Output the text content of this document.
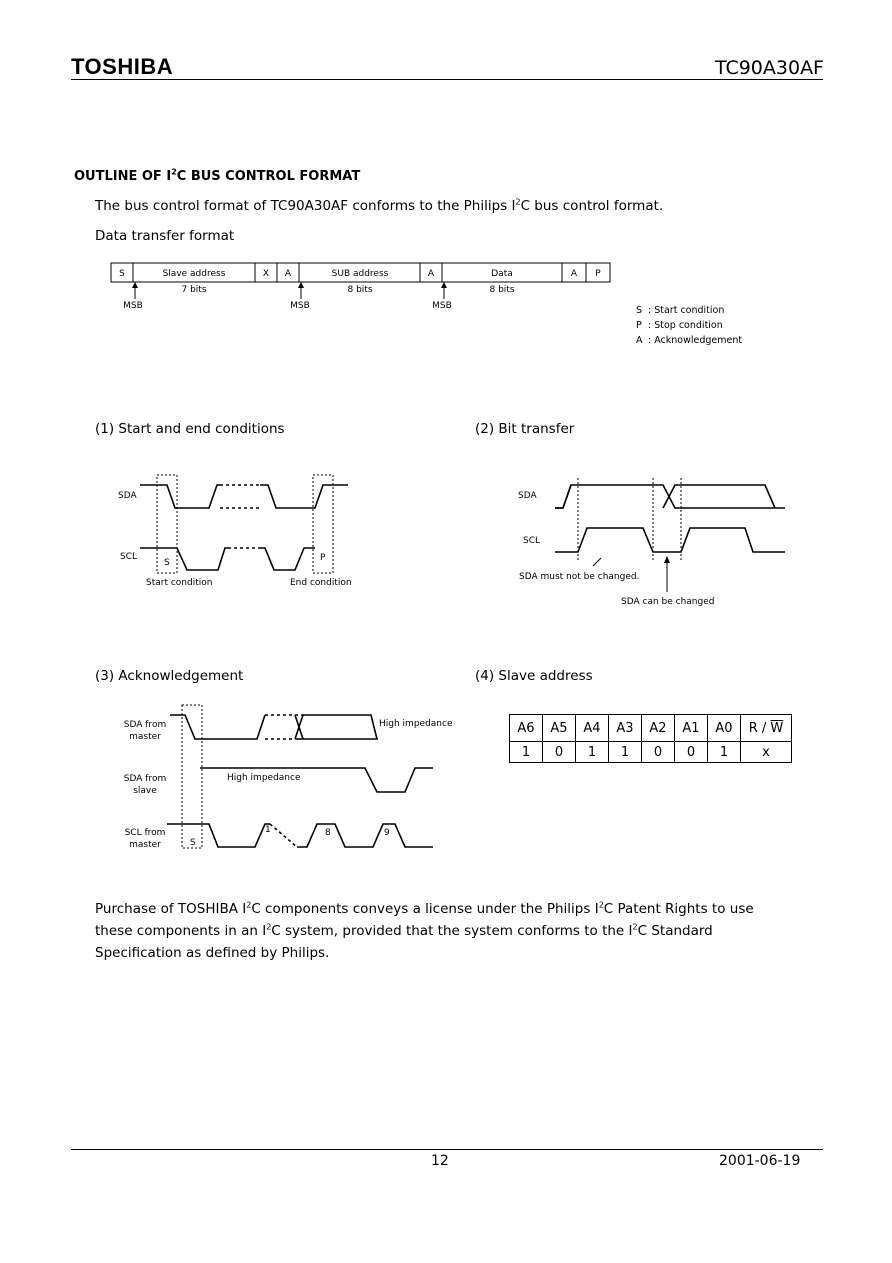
TOSHIBA	TC90A30AF
OUTLINE OF $I^2C$ BUS CONTROL FORMAT
The bus control format of TC90A30AF conforms to the Philips $I^2C$ bus control format.
Data transfer format
S	Slave address	X A	SUB address	A	Data	A P
7 bits	8 bits	8 bits
MSB	MSB	MSB	S : Start condition
P : Stop condition
A : Acknowledgement
(1) Start and end conditions	(2) Bit transfer
(3) Acknowledgement	(4) Slave address
SDA
SCL
S	P
Start condition	End condition
SDA
SCL
SDA must not be changed.
SDA can be changed
SDA from
master
SDA from
slave
SCL from
master
High impedance
High impedance
S
1	8	9
A6	A5	A4	A3	A2	A1	A0	R / $\overline{W}$
1	0	1	1	0	0	1	x
Purchase of TOSHIBA $I^2C$ components conveys a license under the Philips $I^2C$ Patent Rights to use
these components in an $I^2C$ system, provided that the system conforms to the $I^2C$ Standard
Specification as defined by Philips.
12	2001-06-19
